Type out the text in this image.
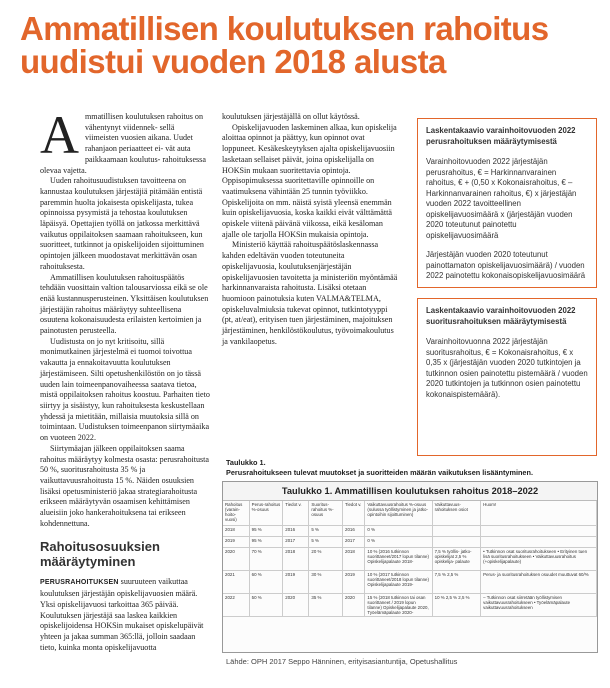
Ammatillisen koulutuksen rahoitus
uudistui vuoden 2018 alusta

Ammatillisen koulutuksen rahoitus on vähentynyt viidennek- sellä viimeisten vuosien aikana. Uudet rahanjaon periaatteet ei- vät auta paikkaamaan koulutus- rahoituksessa olevaa vajetta.

Uuden rahoitusuudistuksen tavoitteena on kannustaa koulutuksen järjestäjiä pitämään entistä paremmin huolta jokaisesta opiskelijasta, tukea opinnoissa pysymistä ja tehostaa koulutuksen läpäisyä. Opettajien työllä on jatkossa merkittävä vaikutus oppilaitoksen saamaan rahoitukseen, kun suoritteet, tutkinnot ja opiskelijoiden sijoittuminen opintojen jälkeen muodostavat merkittävän osan rahoituksesta.

Ammatillisen koulutuksen rahoituspäätös tehdään vuosittain valtion talousarviossa eikä se ole enää kustannusperusteinen. Yksittäisen koulutuksen järjestäjän rahoitus määräytyy suhteellisena osuutena kokonaisuudesta erilaisten kertoimien ja painotusten perusteella.

Uudistusta on jo nyt kritisoitu, sillä monimutkainen järjestelmä ei tuomoi toivottua vakautta ja ennakoitavuutta koulutuksen järjestämiseen. Silti opetushenkilöstön on jo tässä uuden lain toimeenpanovaiheessa saatava tietoa, mistä oppilaitoksen rahoitus koostuu. Parhaiten tieto siirtyy ja sisäistyy, kun rahoituksesta keskustellaan yhdessä ja mietitään, millaisia muutoksia sillä on toimintaan. Uudistuksen toimeenpanon siirtymäaika on vuoteen 2022.

Siirtymäajan jälkeen oppilaitoksen saama rahoitus määräytyy kolmesta osasta: perusrahoitusta 50 %, suoritusrahoitusta 35 % ja vaikuttavuusrahoitusta 15 %. Näiden osuuksien lisäksi opetusministeriö jakaa strategiarahoitusta erikseen määräytyvän osaamisen kehittämisen alueisiin joko hankerahoituksena tai erikseen kohdennettuna.

Rahoitusosuuksien määräytyminen

PERUSRAHOITUKSEN suuruuteen vaikuttaa koulutuksen järjestäjän opiskelijavuosien määrä. Yksi opiskelijavuosi tarkoittaa 365 päivää. Koulutuksen järjestäjä saa laskea kaikkien opiskelijoidensa HOKSin mukaiset opiskelupäivät yhteen ja jakaa summan 365:llä, jolloin saadaan tieto, kuinka monta opiskelijavuotta

koulutuksen järjestäjällä on ollut käytössä.

Opiskelijavuoden laskeminen alkaa, kun opiskelija aloittaa opinnot ja päättyy, kun opinnot ovat loppuneet. Kesäkeskeytyksen ajalta opiskelijavuosiin lasketaan sellaiset päivät, joina opiskelijalla on HOKSin mukaan suoritettavia opintoja. Oppisopimuksessa suoritettaville opinnoille on vaatimuksena vähintään 25 tunnin työviikko. Opiskelijoita on mm. näistä syistä yleensä enemmän kuin opiskelijavuosia, koska kaikki eivät välttämättä opiskele viitenä päivänä viikossa, eikä kesäloman ajalle ole tarjolla HOKSin mukaisia opintoja.

Ministeriö käyttää rahoituspäätöslaskennassa kahden edeltävän vuoden toteutuneita opiskelijavuosia, koulutuksenjärjestäjän opiskelijavuosien tavoitetta ja ministeriön myöntämää harkinnanvaraista rahoitusta. Lisäksi otetaan huomioon painotuksia kuten VALMA&TELMA, opiskeluvalmiuksia tukevat opinnot, tutkintotyyppi (pt, at/eat), erityisen tuen järjestäminen, majoituksen järjestäminen, henkilöstökoulutus, työvoimakoulutus ja vankilaopetus.

Laskentakaavio varainhoitovuoden 2022 perusrahoituksen määräytymisestä

Varainhoitovuoden 2022 järjestäjän perusrahoitus, € = Harkinnanvarainen rahoitus, € + (0,50 x Kokonaisrahoitus, € – Harkinnanvarainen rahoitus, €) x järjestäjän vuoden 2022 tavoitteellinen opiskelijavuosimäärä x (järjestäjän vuoden 2020 toteutunut painotettu opiskelijavuosimäärä

Järjestäjän vuoden 2020 toteutunut painottamaton opiskelijavuosimäärä) / vuoden 2022 painotettu kokonaisopiskelijavuosimäärä

Laskentakaavio varainhoitovuoden 2022 suoritusrahoituksen määräytymisestä

Varainhoitovuonna 2022 järjestäjän suoritusrahoitus, € = Kokonaisrahoitus, € x 0,35 x (järjestäjän vuoden 2020 tutkintojen ja tutkinnon osien painotettu pistemäärä / vuoden 2020 tutkintojen ja tutkinnon osien painotettu kokonaispistemäärä).

Taulukko 1.
Perusrahoitukseen tulevat muutokset ja suoritteiden määrän vaikutuksen lisääntyminen.
Taulukko 1. Ammatillisen koulutuksen rahoitus 2018–2022
Rahoitus (varain-hoito-vuosi)	Perus-rahoitus %-osuus	Tiedot v.	Suoritus-rahoitus %-osuus	Tiedot v.	Vaikuttavuusrahoitus %-osuus (sulussa työllistyminen ja jatko-opintoihin sijoittuminen)	Vaikuttavuus-rahoituksen osiot	Huom!
2018	95 %	2016	5 %	2016	0 %		
2019	95 %	2017	5 %	2017	0 %		
2020	70 %	2018	20 %	2018	10 % (2016 tutkinnon suorittaneet/2017 lopun tilanne) Opiskelijapalaute 2018-	7,5 % työllis- jatko-opiskelijat 2,5 % opiskelija- palaute	• Tutkinnon osat suoritusrahoitukseen • Erityinen tuen lisä suoritusrahoitukseen • Vaikuttavuusrahoitus (+opiskelijapalaute)
2021	60 %	2019	30 %	2019	10 % (2017 tutkinnon suorittaneet/2018 lopun tilanne) Opiskelijapalaute 2019-	7,5 % 2,5 %	Perus- ja suoritusrahoituksen osuudet muuttuvat 60/%
2022	50 %	2020	35 %	2020	15 % (2018 tutkinnon tai osan suorittaneet / 2019 lopun tilanne) Opiskelijapalaute 2020, Työelämäpalaute 2020-	10 % 2,5 % 2,5 %	– Tutkinnon osat siirretään työllistymisen vaikuttavuusrahoitukseen • Työelämäpalaute vaikuttavuusrahoitukseen
Lähde: OPH 2017 Seppo Hänninen, erityisasiantuntija, Opetushallitus
